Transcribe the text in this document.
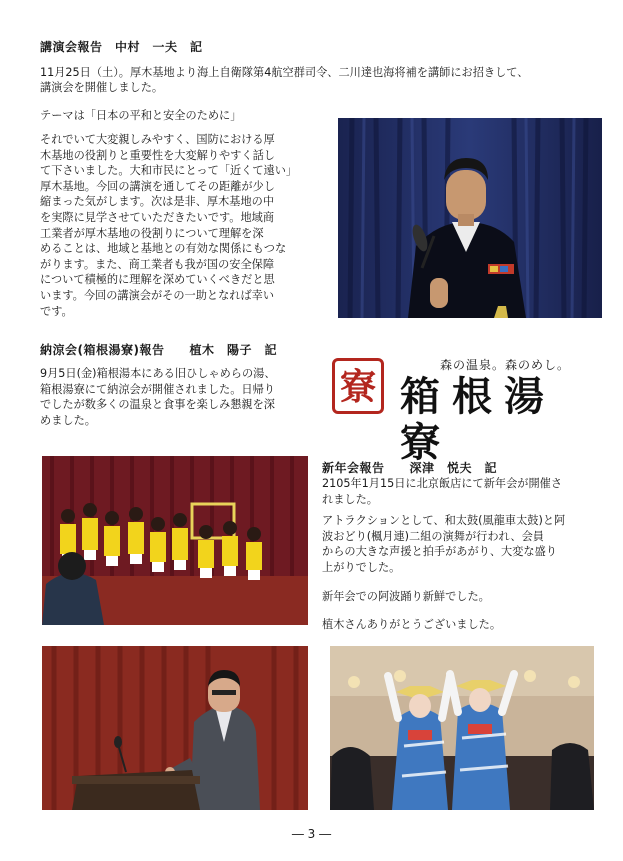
講演会報告　中村　一夫　記

11月25日（土）。厚木基地より海上自衛隊第4航空群司令、二川達也海将補を講師にお招きして、

講演会を開催しました。

テーマは「日本の平和と安全のために」

それでいて大変親しみやすく、国防における厚

木基地の役割りと重要性を大変解りやすく話し

て下さいました。大和市民にとって「近くて遠い」

厚木基地。今回の講演を通してその距離が少し

縮まった気がします。次は是非、厚木基地の中

を実際に見学させていただきたいです。地域商

工業者が厚木基地の役割りについて理解を深

めることは、地域と基地との有効な関係にもつな

がります。また、商工業者も我が国の安全保障

について積極的に理解を深めていくべきだと思

います。今回の講演会がその一助となれば幸い

です。

納涼会(箱根湯寮)報告　　植木　陽子　記

9月5日(金)箱根湯本にある旧ひしゃめらの湯、

箱根湯寮にて納涼会が開催されました。日帰り

でしたが数多くの温泉と食事を楽しみ懇親を深

めました。

寮
森の温泉。森のめし。
箱根湯寮
新年会報告　　深津　悦夫　記

2105年1月15日に北京飯店にて新年会が開催さ

れました。

アトラクションとして、和太鼓(風龍車太鼓)と阿

波おどり(楓月連)二組の演舞が行われ、会員

からの大きな声援と拍手があがり、大変な盛り

上がりでした。

新年会での阿波踊り新鮮でした。

植木さんありがとうございました。

― 3 ―
